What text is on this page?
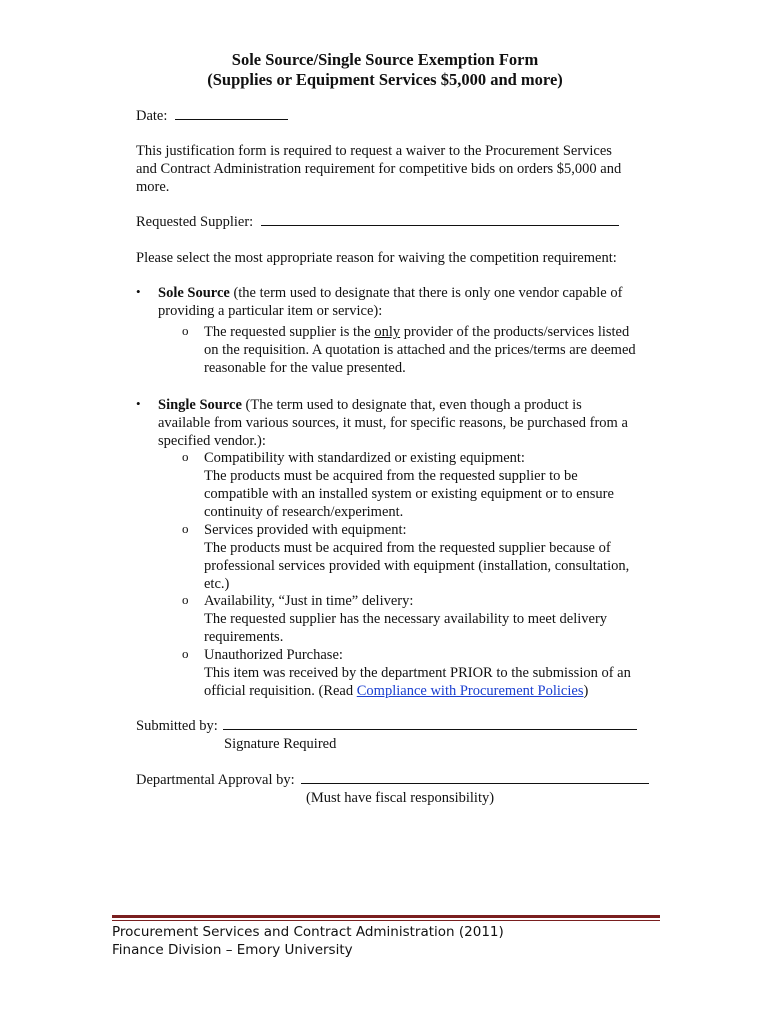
Sole Source/Single Source Exemption Form
(Supplies or Equipment Services $5,000 and more)
Date:
This justification form is required to request a waiver to the Procurement Services
and Contract Administration requirement for competitive bids on orders $5,000 and
more.
Requested Supplier:
Please select the most appropriate reason for waiving the competition requirement:
• Sole Source (the term used to designate that there is only one vendor capable of
providing a particular item or service):
o The requested supplier is the only provider of the products/services listed
on the requisition. A quotation is attached and the prices/terms are deemed
reasonable for the value presented.
• Single Source (The term used to designate that, even though a product is
available from various sources, it must, for specific reasons, be purchased from a
specified vendor.):
o Compatibility with standardized or existing equipment:
The products must be acquired from the requested supplier to be
compatible with an installed system or existing equipment or to ensure
continuity of research/experiment.
o Services provided with equipment:
The products must be acquired from the requested supplier because of
professional services provided with equipment (installation, consultation,
etc.)
o Availability, “Just in time” delivery:
The requested supplier has the necessary availability to meet delivery
requirements.
o Unauthorized Purchase:
This item was received by the department PRIOR to the submission of an
official requisition. (Read Compliance with Procurement Policies)
Submitted by:
Signature Required
Departmental Approval by:
(Must have fiscal responsibility)
Procurement Services and Contract Administration (2011)
Finance Division – Emory University
